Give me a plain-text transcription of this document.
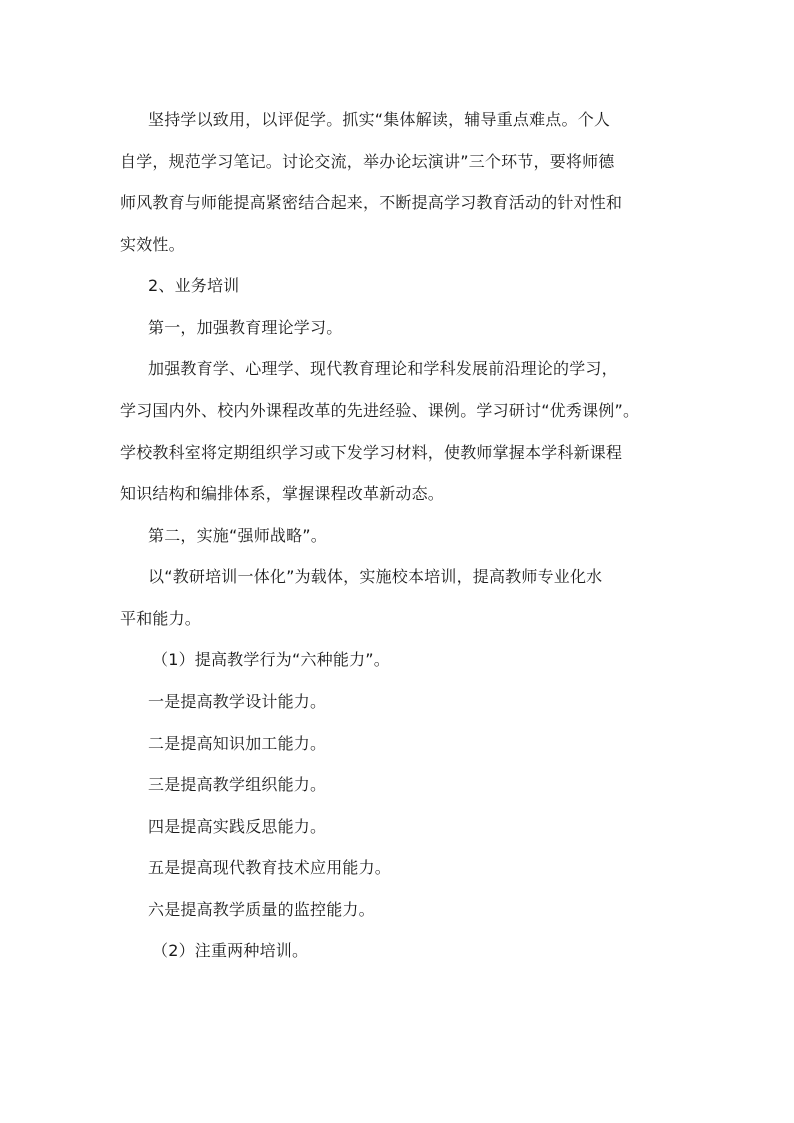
坚持学以致用，以评促学。抓实“集体解读，辅导重点难点。个人
自学，规范学习笔记。讨论交流，举办论坛演讲”三个环节，要将师德
师风教育与师能提高紧密结合起来，不断提高学习教育活动的针对性和
实效性。
2、业务培训
第一，加强教育理论学习。
加强教育学、心理学、现代教育理论和学科发展前沿理论的学习，
学习国内外、校内外课程改革的先进经验、课例。学习研讨“优秀课例”。
学校教科室将定期组织学习或下发学习材料，使教师掌握本学科新课程
知识结构和编排体系，掌握课程改革新动态。
第二，实施“强师战略”。
以“教研培训一体化”为载体，实施校本培训，提高教师专业化水
平和能力。
（1）提高教学行为“六种能力”。
一是提高教学设计能力。
二是提高知识加工能力。
三是提高教学组织能力。
四是提高实践反思能力。
五是提高现代教育技术应用能力。
六是提高教学质量的监控能力。
（2）注重两种培训。
